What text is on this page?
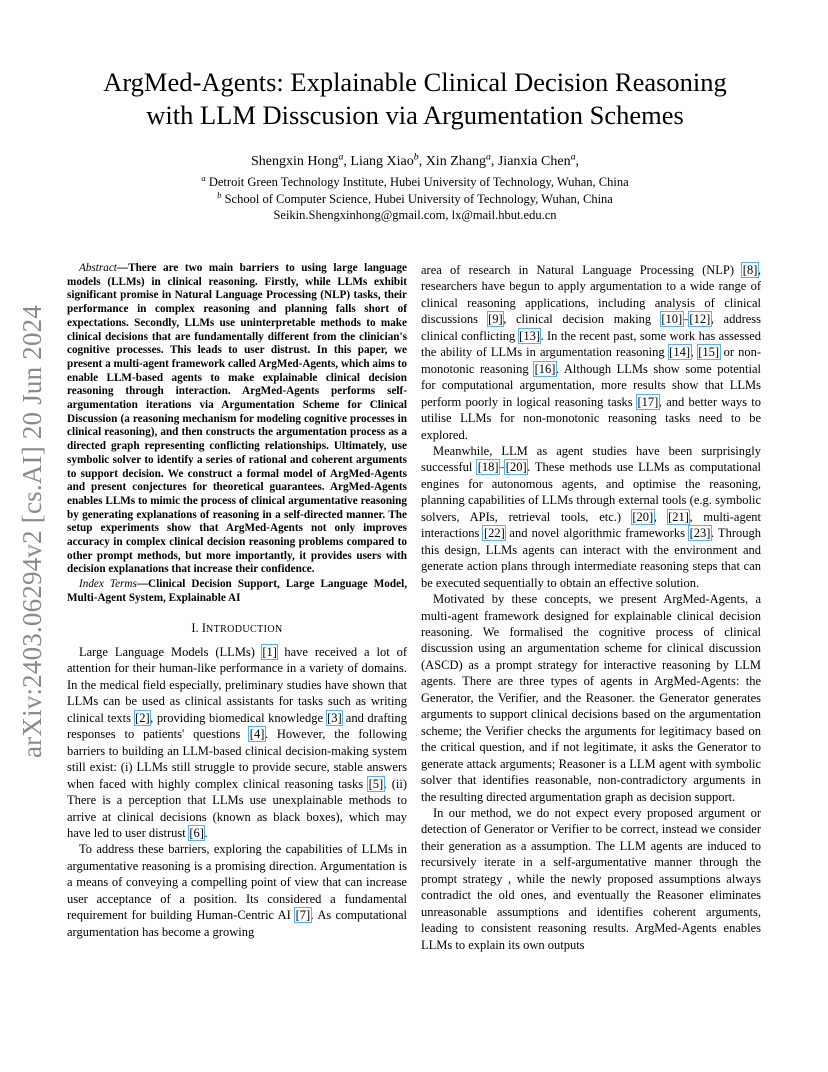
arXiv:2403.06294v2 [cs.AI] 20 Jun 2024
ArgMed-Agents: Explainable Clinical Decision Reasoning
with LLM Disscusion via Argumentation Schemes
Shengxin Hong$^a$, Liang Xiao$^b$, Xin Zhang$^a$, Jianxia Chen$^a$,
$^a$ Detroit Green Technology Institute, Hubei University of Technology, Wuhan, China
$^b$ School of Computer Science, Hubei University of Technology, Wuhan, China
Seikin.Shengxinhong@gmail.com, lx@mail.hbut.edu.cn

Abstract—There are two main barriers to using large language models (LLMs) in clinical reasoning. Firstly, while LLMs exhibit significant promise in Natural Language Processing (NLP) tasks, their performance in complex reasoning and planning falls short of expectations. Secondly, LLMs use uninterpretable methods to make clinical decisions that are fundamentally different from the clinician's cognitive processes. This leads to user distrust. In this paper, we present a multi-agent framework called ArgMed-Agents, which aims to enable LLM-based agents to make explainable clinical decision reasoning through interaction. ArgMed-Agents performs self-argumentation iterations via Argumentation Scheme for Clinical Discussion (a reasoning mechanism for modeling cognitive processes in clinical reasoning), and then constructs the argumentation process as a directed graph representing conflicting relationships. Ultimately, use symbolic solver to identify a series of rational and coherent arguments to support decision. We construct a formal model of ArgMed-Agents and present conjectures for theoretical guarantees. ArgMed-Agents enables LLMs to mimic the process of clinical argumentative reasoning by generating explanations of reasoning in a self-directed manner. The setup experiments show that ArgMed-Agents not only improves accuracy in complex clinical decision reasoning problems compared to other prompt methods, but more importantly, it provides users with decision explanations that increase their confidence.

Index Terms—Clinical Decision Support, Large Language Model, Multi-Agent System, Explainable AI

I. INTRODUCTION

Large Language Models (LLMs) [1] have received a lot of attention for their human-like performance in a variety of domains. In the medical field especially, preliminary studies have shown that LLMs can be used as clinical assistants for tasks such as writing clinical texts [2], providing biomedical knowledge [3] and drafting responses to patients' questions [4]. However, the following barriers to building an LLM-based clinical decision-making system still exist: (i) LLMs still struggle to provide secure, stable answers when faced with highly complex clinical reasoning tasks [5]. (ii) There is a perception that LLMs use unexplainable methods to arrive at clinical decisions (known as black boxes), which may have led to user distrust [6].

To address these barriers, exploring the capabilities of LLMs in argumentative reasoning is a promising direction. Argumentation is a means of conveying a compelling point of view that can increase user acceptance of a position. Its considered a fundamental requirement for building Human-Centric AI [7]. As computational argumentation has become a growing

area of research in Natural Language Processing (NLP) [8], researchers have begun to apply argumentation to a wide range of clinical reasoning applications, including analysis of clinical discussions [9], clinical decision making [10]–[12], address clinical conflicting [13]. In the recent past, some work has assessed the ability of LLMs in argumentation reasoning [14], [15] or non-monotonic reasoning [16]. Although LLMs show some potential for computational argumentation, more results show that LLMs perform poorly in logical reasoning tasks [17], and better ways to utilise LLMs for non-monotonic reasoning tasks need to be explored.

Meanwhile, LLM as agent studies have been surprisingly successful [18]–[20]. These methods use LLMs as computational engines for autonomous agents, and optimise the reasoning, planning capabilities of LLMs through external tools (e.g. symbolic solvers, APIs, retrieval tools, etc.) [20], [21], multi-agent interactions [22] and novel algorithmic frameworks [23]. Through this design, LLMs agents can interact with the environment and generate action plans through intermediate reasoning steps that can be executed sequentially to obtain an effective solution.

Motivated by these concepts, we present ArgMed-Agents, a multi-agent framework designed for explainable clinical decision reasoning. We formalised the cognitive process of clinical discussion using an argumentation scheme for clinical discussion (ASCD) as a prompt strategy for interactive reasoning by LLM agents. There are three types of agents in ArgMed-Agents: the Generator, the Verifier, and the Reasoner. the Generator generates arguments to support clinical decisions based on the argumentation scheme; the Verifier checks the arguments for legitimacy based on the critical question, and if not legitimate, it asks the Generator to generate attack arguments; Reasoner is a LLM agent with symbolic solver that identifies reasonable, non-contradictory arguments in the resulting directed argumentation graph as decision support.

In our method, we do not expect every proposed argument or detection of Generator or Verifier to be correct, instead we consider their generation as a assumption. The LLM agents are induced to recursively iterate in a self-argumentative manner through the prompt strategy , while the newly proposed assumptions always contradict the old ones, and eventually the Reasoner eliminates unreasonable assumptions and identifies coherent arguments, leading to consistent reasoning results. ArgMed-Agents enables LLMs to explain its own outputs
